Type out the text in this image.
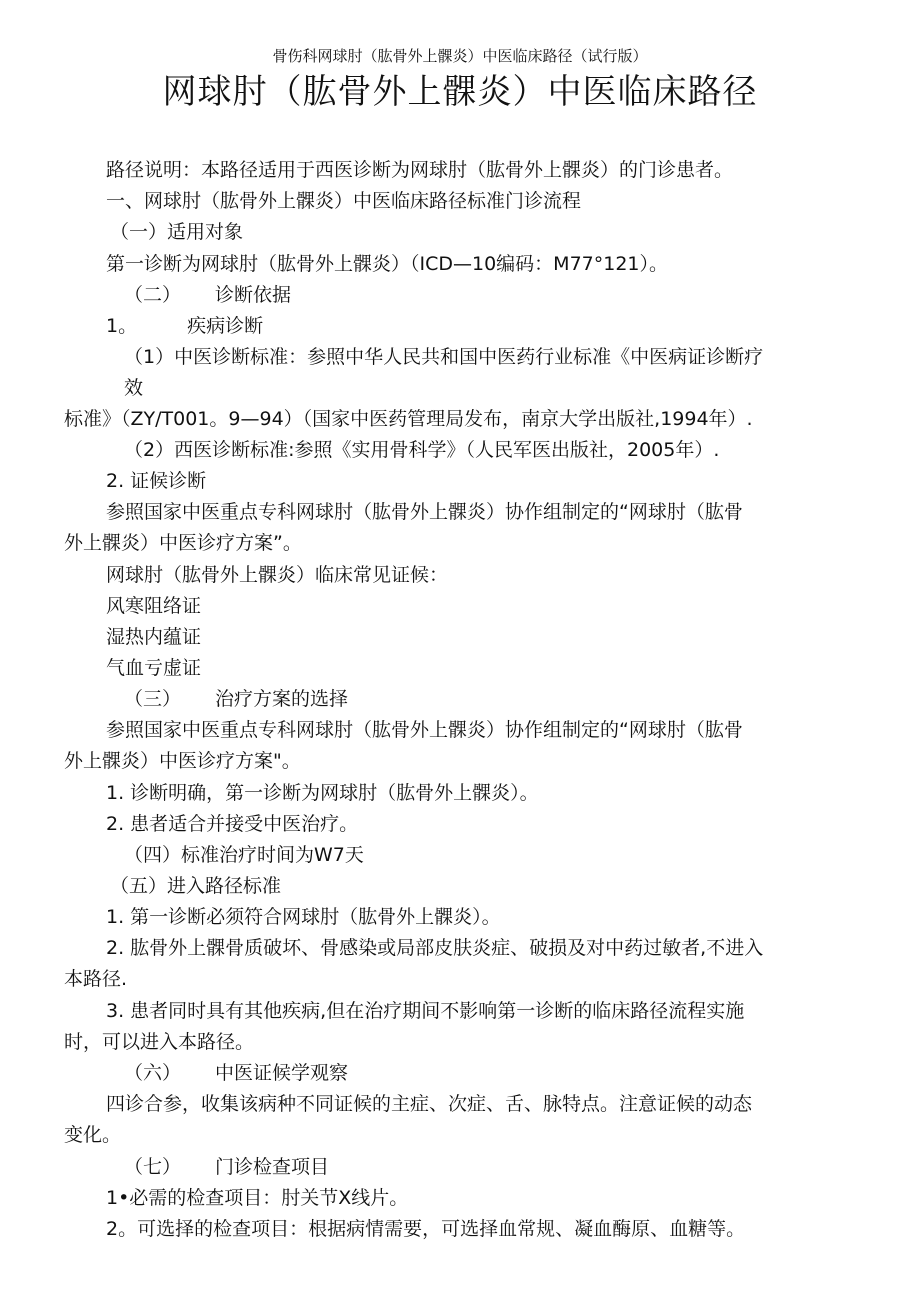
骨伤科网球肘（肱骨外上髁炎）中医临床路径（试行版）
网球肘（肱骨外上髁炎）中医临床路径
路径说明：本路径适用于西医诊断为网球肘（肱骨外上髁炎）的门诊患者。
一、网球肘（肱骨外上髁炎）中医临床路径标准门诊流程
（一）适用对象
第一诊断为网球肘（肱骨外上髁炎）（ICD—10编码：M77°121）。
（二） 诊断依据
1。	疾病诊断
（1）中医诊断标准：参照中华人民共和国中医药行业标准《中医病证诊断疗
效
标准》（ZY/T001。9—94）（国家中医药管理局发布，南京大学出版社,1994年）.
（2）西医诊断标准:参照《实用骨科学》（人民军医出版社，2005年）.
2. 证候诊断
参照国家中医重点专科网球肘（肱骨外上髁炎）协作组制定的“网球肘（肱骨
外上髁炎）中医诊疗方案”。
网球肘（肱骨外上髁炎）临床常见证候：
风寒阻络证
湿热内蕴证
气血亏虚证
（三） 治疗方案的选择
参照国家中医重点专科网球肘（肱骨外上髁炎）协作组制定的“网球肘（肱骨
外上髁炎）中医诊疗方案"。
1. 诊断明确，第一诊断为网球肘（肱骨外上髁炎）。
2. 患者适合并接受中医治疗。
（四）标准治疗时间为W7天
（五）进入路径标准
1. 第一诊断必须符合网球肘（肱骨外上髁炎）。
2. 肱骨外上髁骨质破坏、骨感染或局部皮肤炎症、破损及对中药过敏者,不进入
本路径.
3. 患者同时具有其他疾病,但在治疗期间不影响第一诊断的临床路径流程实施
时，可以进入本路径。
（六） 中医证候学观察
四诊合参，收集该病种不同证候的主症、次症、舌、脉特点。注意证候的动态
变化。
（七） 门诊检查项目
1•必需的检查项目：肘关节X线片。
2。可选择的检查项目：根据病情需要，可选择血常规、凝血酶原、血糖等。
